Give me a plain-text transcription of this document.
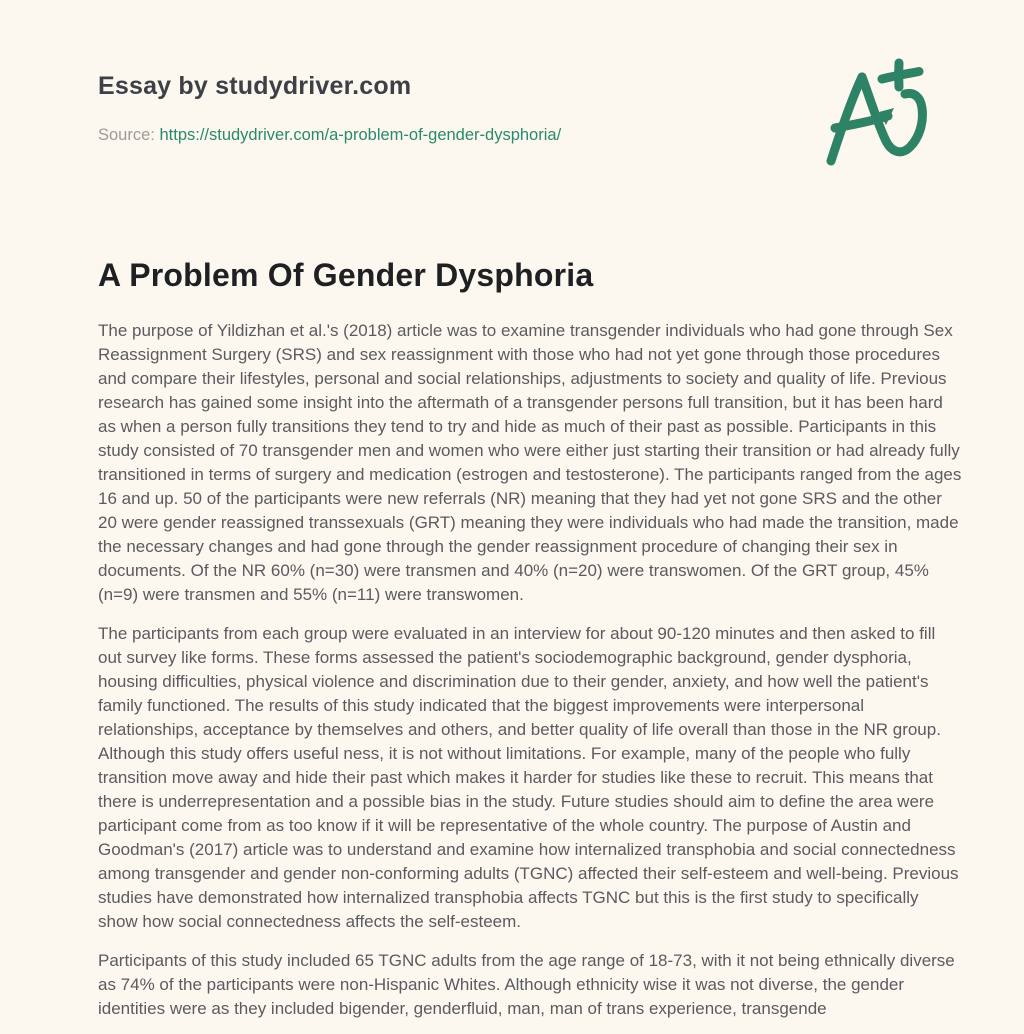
Essay by studydriver.com
Source: https://studydriver.com/a-problem-of-gender-dysphoria/
A Problem Of Gender Dysphoria

The purpose of Yildizhan et al.'s (2018) article was to examine transgender individuals who had gone through Sex Reassignment Surgery (SRS) and sex reassignment with those who had not yet gone through those procedures and compare their lifestyles, personal and social relationships, adjustments to society and quality of life. Previous research has gained some insight into the aftermath of a transgender persons full transition, but it has been hard as when a person fully transitions they tend to try and hide as much of their past as possible. Participants in this study consisted of 70 transgender men and women who were either just starting their transition or had already fully transitioned in terms of surgery and medication (estrogen and testosterone). The participants ranged from the ages 16 and up. 50 of the participants were new referrals (NR) meaning that they had yet not gone SRS and the other 20 were gender reassigned transsexuals (GRT) meaning they were individuals who had made the transition, made the necessary changes and had gone through the gender reassignment procedure of changing their sex in documents. Of the NR 60% (n=30) were transmen and 40% (n=20) were transwomen. Of the GRT group, 45% (n=9) were transmen and 55% (n=11) were transwomen.

The participants from each group were evaluated in an interview for about 90-120 minutes and then asked to fill out survey like forms. These forms assessed the patient's sociodemographic background, gender dysphoria, housing difficulties, physical violence and discrimination due to their gender, anxiety, and how well the patient's family functioned. The results of this study indicated that the biggest improvements were interpersonal relationships, acceptance by themselves and others, and better quality of life overall than those in the NR group. Although this study offers useful ness, it is not without limitations. For example, many of the people who fully transition move away and hide their past which makes it harder for studies like these to recruit. This means that there is underrepresentation and a possible bias in the study. Future studies should aim to define the area were participant come from as too know if it will be representative of the whole country. The purpose of Austin and Goodman's (2017) article was to understand and examine how internalized transphobia and social connectedness among transgender and gender non-conforming adults (TGNC) affected their self-esteem and well-being. Previous studies have demonstrated how internalized transphobia affects TGNC but this is the first study to specifically show how social connectedness affects the self-esteem.

Participants of this study included 65 TGNC adults from the age range of 18-73, with it not being ethnically diverse as 74% of the participants were non-Hispanic Whites. Although ethnicity wise it was not diverse, the gender identities were as they included bigender, genderfluid, man, man of trans experience, transgende
